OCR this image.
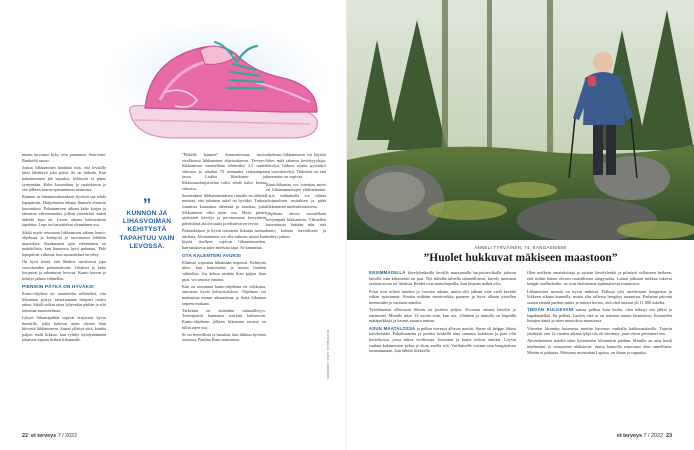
minen turvottaa kyky ovat paranneet, Saar-man-Bartholdi sanoo.

Joskus liikkuminen harahtaa niin, että levikille tulee lähdettyä joka päivä. Se on tärkeää. Kun palautuminen jää vajaaksi, kehitystä ei pääse syntymään. Keho kuormittuu jo rasituksesta ja sen jälkeen seuraa epäsuotuisaa muutosta.

Kunnon ja liikuntavaikutuksen hyvästä saa tehdä lepopäivän. Harjoitusten aikana ihmisen elimistö kuormittuu. Palautumisen aikana keho korjaa ja rakentuu vahvemmaksi, jolloin ymmärtää, miten tärkeää lepo on. Levon aikana kehittymistä tapahtuu. Lepo on harjoittelun olennainen osa.

Sikäli myös seurataan liikkumisen aikana kunto-ohjelmaa ja kehitystä ja tarvittaessa tehdään muutoksia. Kuukausien ajan eteneminen on mahdollista, kun kunnossa hyvä palautuu. Pidä lepopäivät viikossa, kun suunnitelma on tehty.

On hyvä tietää, että lihakset tarvitsevat jopa vuorokauden palautuakseen. Lihakset ja keho korjaavat ja rakentuvat levossa. Kunto kasvaa ja kehitys jatkuu vähitellen.

PIENIKIN PÄTKÄ ON HYVÄKSI

Kunto-ohjelma on suunniteltu sellaiseksi, että liikunnan pystyy sulauttamaan helposti osaksi arkea. Sikäli voikin ottaa lyhyenkin pätkän ja silti toteuttaa suunnitelmaa.

Lyhyet liikuntapätkät sopivat erityisesti hyvin ihmisille, jotka kokevat arjen olevan liian kiireistä liikkumiseen. Saatat yllättyä siitä, kuinka paljon ehdit liikkua, kun ryhdyt hyödyntämään jokaisen vapaan hetken liikunnalle.

”
KUNNON JA LIHASVOIMAN KEHITYSTÄ TAPAHTUU VAIN LEVOSSA.

”Pitkällä kunnon” kunnontestaan myös virallisessa liikkumisen ohjeistuksessa. Terveys-liikkumisen suositellaan tehtäväksi 2,5 tuntia viikossa ja ainakin 75 minuuttia raskaampaa tasoa. Lisäksi lihaskunto- ja liikkuvuusharjoittelua tulisi tehdä kaksi kertaa viikossa.

Suosituksen liikkumismäärien rinnalla on tärkeää muistaa, että jokainen askel on hyväksi. Turhaa istumista kannattaa vähentää ja tauottaa, jotta liikkuminen olisi arjen osa. Myös pienet ajoittaiset kävelyt ja porrasnousut kerryttävät päivittäistä aktiivisuutta ja edistävät terveyttä.

Pitkäaikainen ja hyvin toteutettu liikunta tuottaa tuloksia. Aloittaminen voi olla vaikeaa, mutta kun löytää itselleen sopivan liikuntamuodon, harrastuksesta tulee mieluisa tapa. Se kannattaa.

OTA KALENTERI AVUKSI

Elimistö sopeutuu liikuntaan nopeasti. Kehitystä tulee, kun harjoittelua ja muuta lisätään vähitellen. Jos kehoa rasittaa liian paljon liian pian, voi seurata vamma.

Kun on seurannut kunto-ohjelmaa eri viikkoina, saavuttaa hyvät kehitystulokset. Ohjelmaa voi mukauttaa omaan aikatauluun ja lisätä liikuntaa tarpeen mukaan.

Tärkeintä on kuitenkin säännöllisyys. Treenipäivät kannattaa merkitä kalenteriin. Kunto-ohjelman jälkeen liikunnan tavasta on tullut arjen osa.

Se on terveellistä ja hauskaa, kun liikkuu hyvässä seurassa, Paulina Husu muistuttaa.

ohjelman liikkumiseen voi käyttää lähes mitä tahansa kestävyyslajia: kävelyä, hiihtoa, uintia, pyöräilyä tai sauvakävelyä. Tärkeintä on, että kuormitus on sopivaa.

Kuntoliikuntaa voi toteuttaa myös eri liikuntamuotojen yhdistelmänä. Lajia vaihtamalla voi välttää yksipuolisen rasituksen ja pitää liikkumisen mielenkiintoisena.

Ohjelman alussa suositellaan kevyempää liikkumista. Vähitellen kuormitusta lisätään niin, että kunto kohoaa turvallisesti ja kehitys jatkuu.

KUVA MAIJA-LIISA LINDROOS
22 et terveys 7 / 2022
ANNELI TYRVÄINEN, 74, KANGASNIEMI
”Huolet hukkuvat mäkiseen maastoon”

ENSIMMÄISILLÄ kävelylenkeillä kevällä muutamalla harjoitusviikolla jaksoin kävellä vain kilometrin tai pari. Nyt hiihdän talvella säännöllisesti, kävely metsässä rasittaa aivan eri lihaksia. Reidet ovat maitohapoilla, kun kiipeän mäkiä ylös.

Polut ovat tulleet tutuiksi jo vuosien aikana, mutta silti jalkani ovat vielä kevättä vähän epävarmat. Kesäin miltään moottorikka paranee ja hyvä alkaan pistellen menemään jo varmoin askelin.

Työelämässä olleessani liikuin tai juoksin paljon. Koronan aikana kävelin jo enemmän. Minulle tulee 12 vuotta siitä, kun nyt, yllättäen ja minulla on häpeällä mätäpaikkoja ja kaunis maasto tuntuu.

ASUN MAATALOSSA ja pellon vieressä alkavat metsät. Sinne oli helppo lähteä kävelemään. Pukuhuonetta ja puiden keskellä aina samasta kohdasta ja pian olin kosteikossa, jossa näkee vesilintuja. Joutsenet ja kurjet tulivat tutuiksi. Löysin vanhan kalamiesten polun ja aloin astella sitä. Vaellukselle tosiaan sain hengityksen tasaantumaan, kun lähdin liikkeelle.

Olen melkein omaishoitaja ja ajoitan kävelylenkit ja pihatyöt sellaiseen hetkeen, että tiedän hänen olevan rauhallisena sängyssään. Laitan jalkaani mikkaa tukevat kengät vaelluslenkit, ne ovat ehdottomat epätasaisessa maastossa.

Lähimetsien maasto on hyvin mäkistä. Polkuja ylös asteltessani hengästyn ja liikkeen aikana kunnolla, mutta alas tullessa hengitys tasaantuu. Parhaina päivinä saatan viettää parikin tuntia ja mittari kertoo, että olen ottanut yli 11 000 askelta.

TIEDÄN KULKEVANI samaa polkua kuin karhu, olen nähnyt sen jälkiä ja käpälänjälkiä. En pelkää. Luulen, että se on tottunut minun läsnäoloon. Kuuntelen lintujen ääniä ja näen muutoksia maastossa.

Viimeksi kiinnitin huomiota metsän kasvuun vanhalla hakkuuaukealla. Tajusin yhtäkkiä, että 12 vuoden aikana tyhjä tila oli hävinnyt, puut olivat peittäneet sen.

Ahvenlammen mäeltä näen kymmenen kilometrin päähän. Minulla on aina huoli miehestäni ja sotauutiset ahdistavat, mutta kannolla istuessani olen onnellinen. Mietän ei puhutaa. Maisema muistuttaa Lapista, on ilmaa ja vapautta.

et terveys 7 / 2022 23
